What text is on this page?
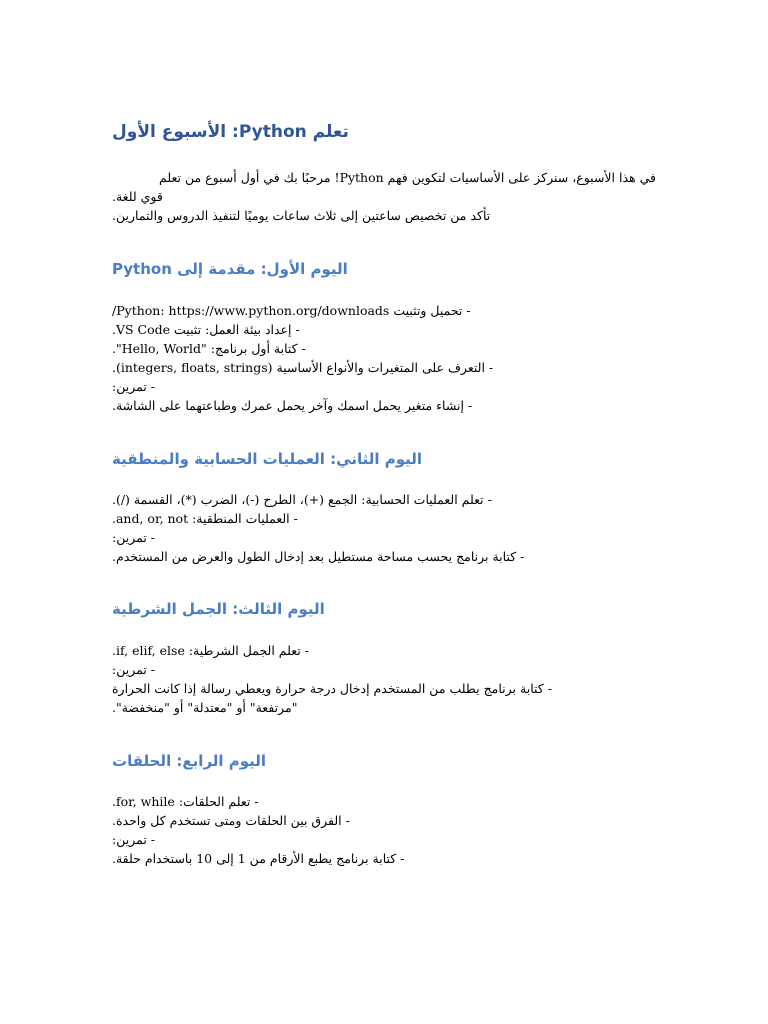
تعلم Python: الأسبوع الأول
في هذا الأسبوع، سنركز على الأساسيات لتكوين فهم Python! مرحبًا بك في أول أسبوع من تعلم
قوي للغة.
تأكد من تخصيص ساعتين إلى ثلاث ساعات يوميًا لتنفيذ الدروس والتمارين.
اليوم الأول: مقدمة إلى Python
- تحميل وتثبيت Python: https://www.python.org/downloads/
- إعداد بيئة العمل: تثبيت VS Code.
- كتابة أول برنامج: "Hello, World".
- التعرف على المتغيرات والأنواع الأساسية (integers, floats, strings).
- تمرين:
- إنشاء متغير يحمل اسمك وآخر يحمل عمرك وطباعتهما على الشاشة.
اليوم الثاني: العمليات الحسابية والمنطقية
- تعلم العمليات الحسابية: الجمع (+)، الطرح (-)، الضرب (*)، القسمة (/).
- العمليات المنطقية: and, or, not.
- تمرين:
- كتابة برنامج يحسب مساحة مستطيل بعد إدخال الطول والعرض من المستخدم.
اليوم الثالث: الجمل الشرطية
- تعلم الجمل الشرطية: if, elif, else.
- تمرين:
- كتابة برنامج يطلب من المستخدم إدخال درجة حرارة ويعطي رسالة إذا كانت الحرارة
"مرتفعة" أو "معتدلة" أو "منخفضة".
اليوم الرابع: الحلقات
- تعلم الحلقات: for, while.
- الفرق بين الحلقات ومتى تستخدم كل واحدة.
- تمرين:
- كتابة برنامج يطبع الأرقام من 1 إلى 10 باستخدام حلقة.
